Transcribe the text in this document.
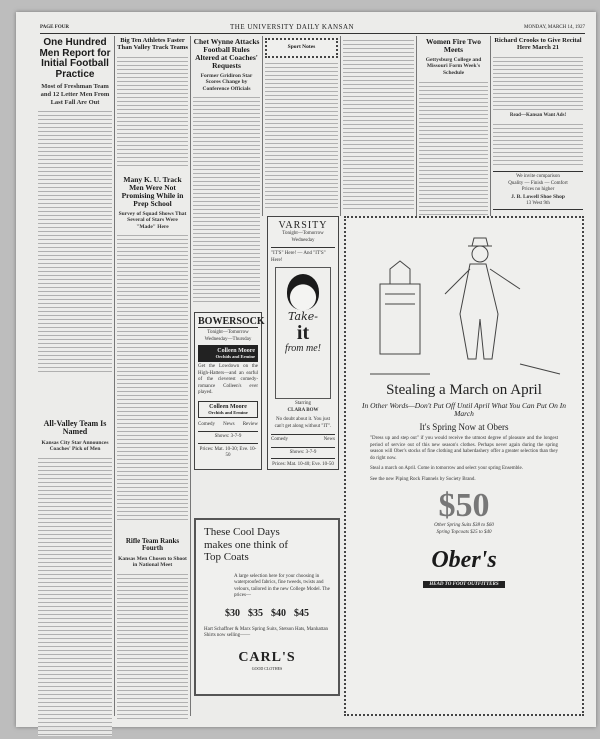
PAGE FOUR	THE UNIVERSITY DAILY KANSAN	MONDAY, MARCH 14, 1927
One Hundred Men Report for Initial Football Practice
Most of Freshman Team and 12 Letter Men From Last Fall Are Out
All-Valley Team Is Named
Kansas City Star Announces Coaches' Pick of Men
Big Ten Athletes Faster Than Valley Track Teams
Many K. U. Track Men Were Not Promising While in Prep School
Survey of Squad Shows That Several of Stars Were "Made" Here
Rifle Team Ranks Fourth
Kansas Men Chosen to Shoot in National Meet
Chet Wynne Attacks Football Rules Altered at Coaches' Requests
Former Gridiron Star Scores Change by Conference Officials
Sport Notes
Women Fire Two Meets
Gettysburg College and Missouri Form Week's Schedule
Richard Crooks to Give Recital Here March 21
Read—Kansan Want Ads!
We invite comparison
Quality — Finish — Comfort
Prices no higher
J. B. Lowell Shoe Shop
13 West 9th
BOWERSOCK
Tonight—Tomorrow Wednesday—Thursday
Colleen Moore
Orchids and Ermine
Get the Lowdown on the High-Hatters—and an earful of the cleverest comedy-romance Colleen's ever played.
Colleen Moore
Orchids and Ermine
Comedy News Review
Shows: 3-7-9
Prices: Mat. 10-30; Eve. 10-50
VARSITY
Tonight—Tomorrow Wednesday
"IT'S" Here! — And "IT'S" Here!
Take-
it
from me!
Starring
CLARA BOW
No doubt about it. You just can't get along without "IT".
Comedy	News
Shows: 3-7-9
Prices: Mat. 10-40; Eve. 10-50
These Cool Days makes one think of Top Coats
A large selection here for your choosing in waterproofed fabrics, fine tweeds, twists and velours, tailored in the new College Model. The prices—
$30 $35 $40 $45
Hart Schaffner & Marx Spring Suits, Stetson Hats, Manhattan Shirts now selling——
CARL'S
GOOD CLOTHES
Stealing a March on April
In Other Words—Don't Put Off Until April What You Can Put On In March
It's Spring Now at Obers
"Dress up and step out" if you would receive the utmost degree of pleasure and the longest period of service out of this new season's clothes. Perhaps never again during the spring season will Ober's stocks of fine clothing and haberdashery offer a greater selection than they do right now.
Steal a march on April. Come in tomorrow and select your spring Ensemble.
See the new Piping Rock Flannels by Society Brand.
$50
Other Spring Suits $38 to $60
Spring Topcoats $25 to $40
Ober's
HEAD TO FOOT OUTFITTERS
